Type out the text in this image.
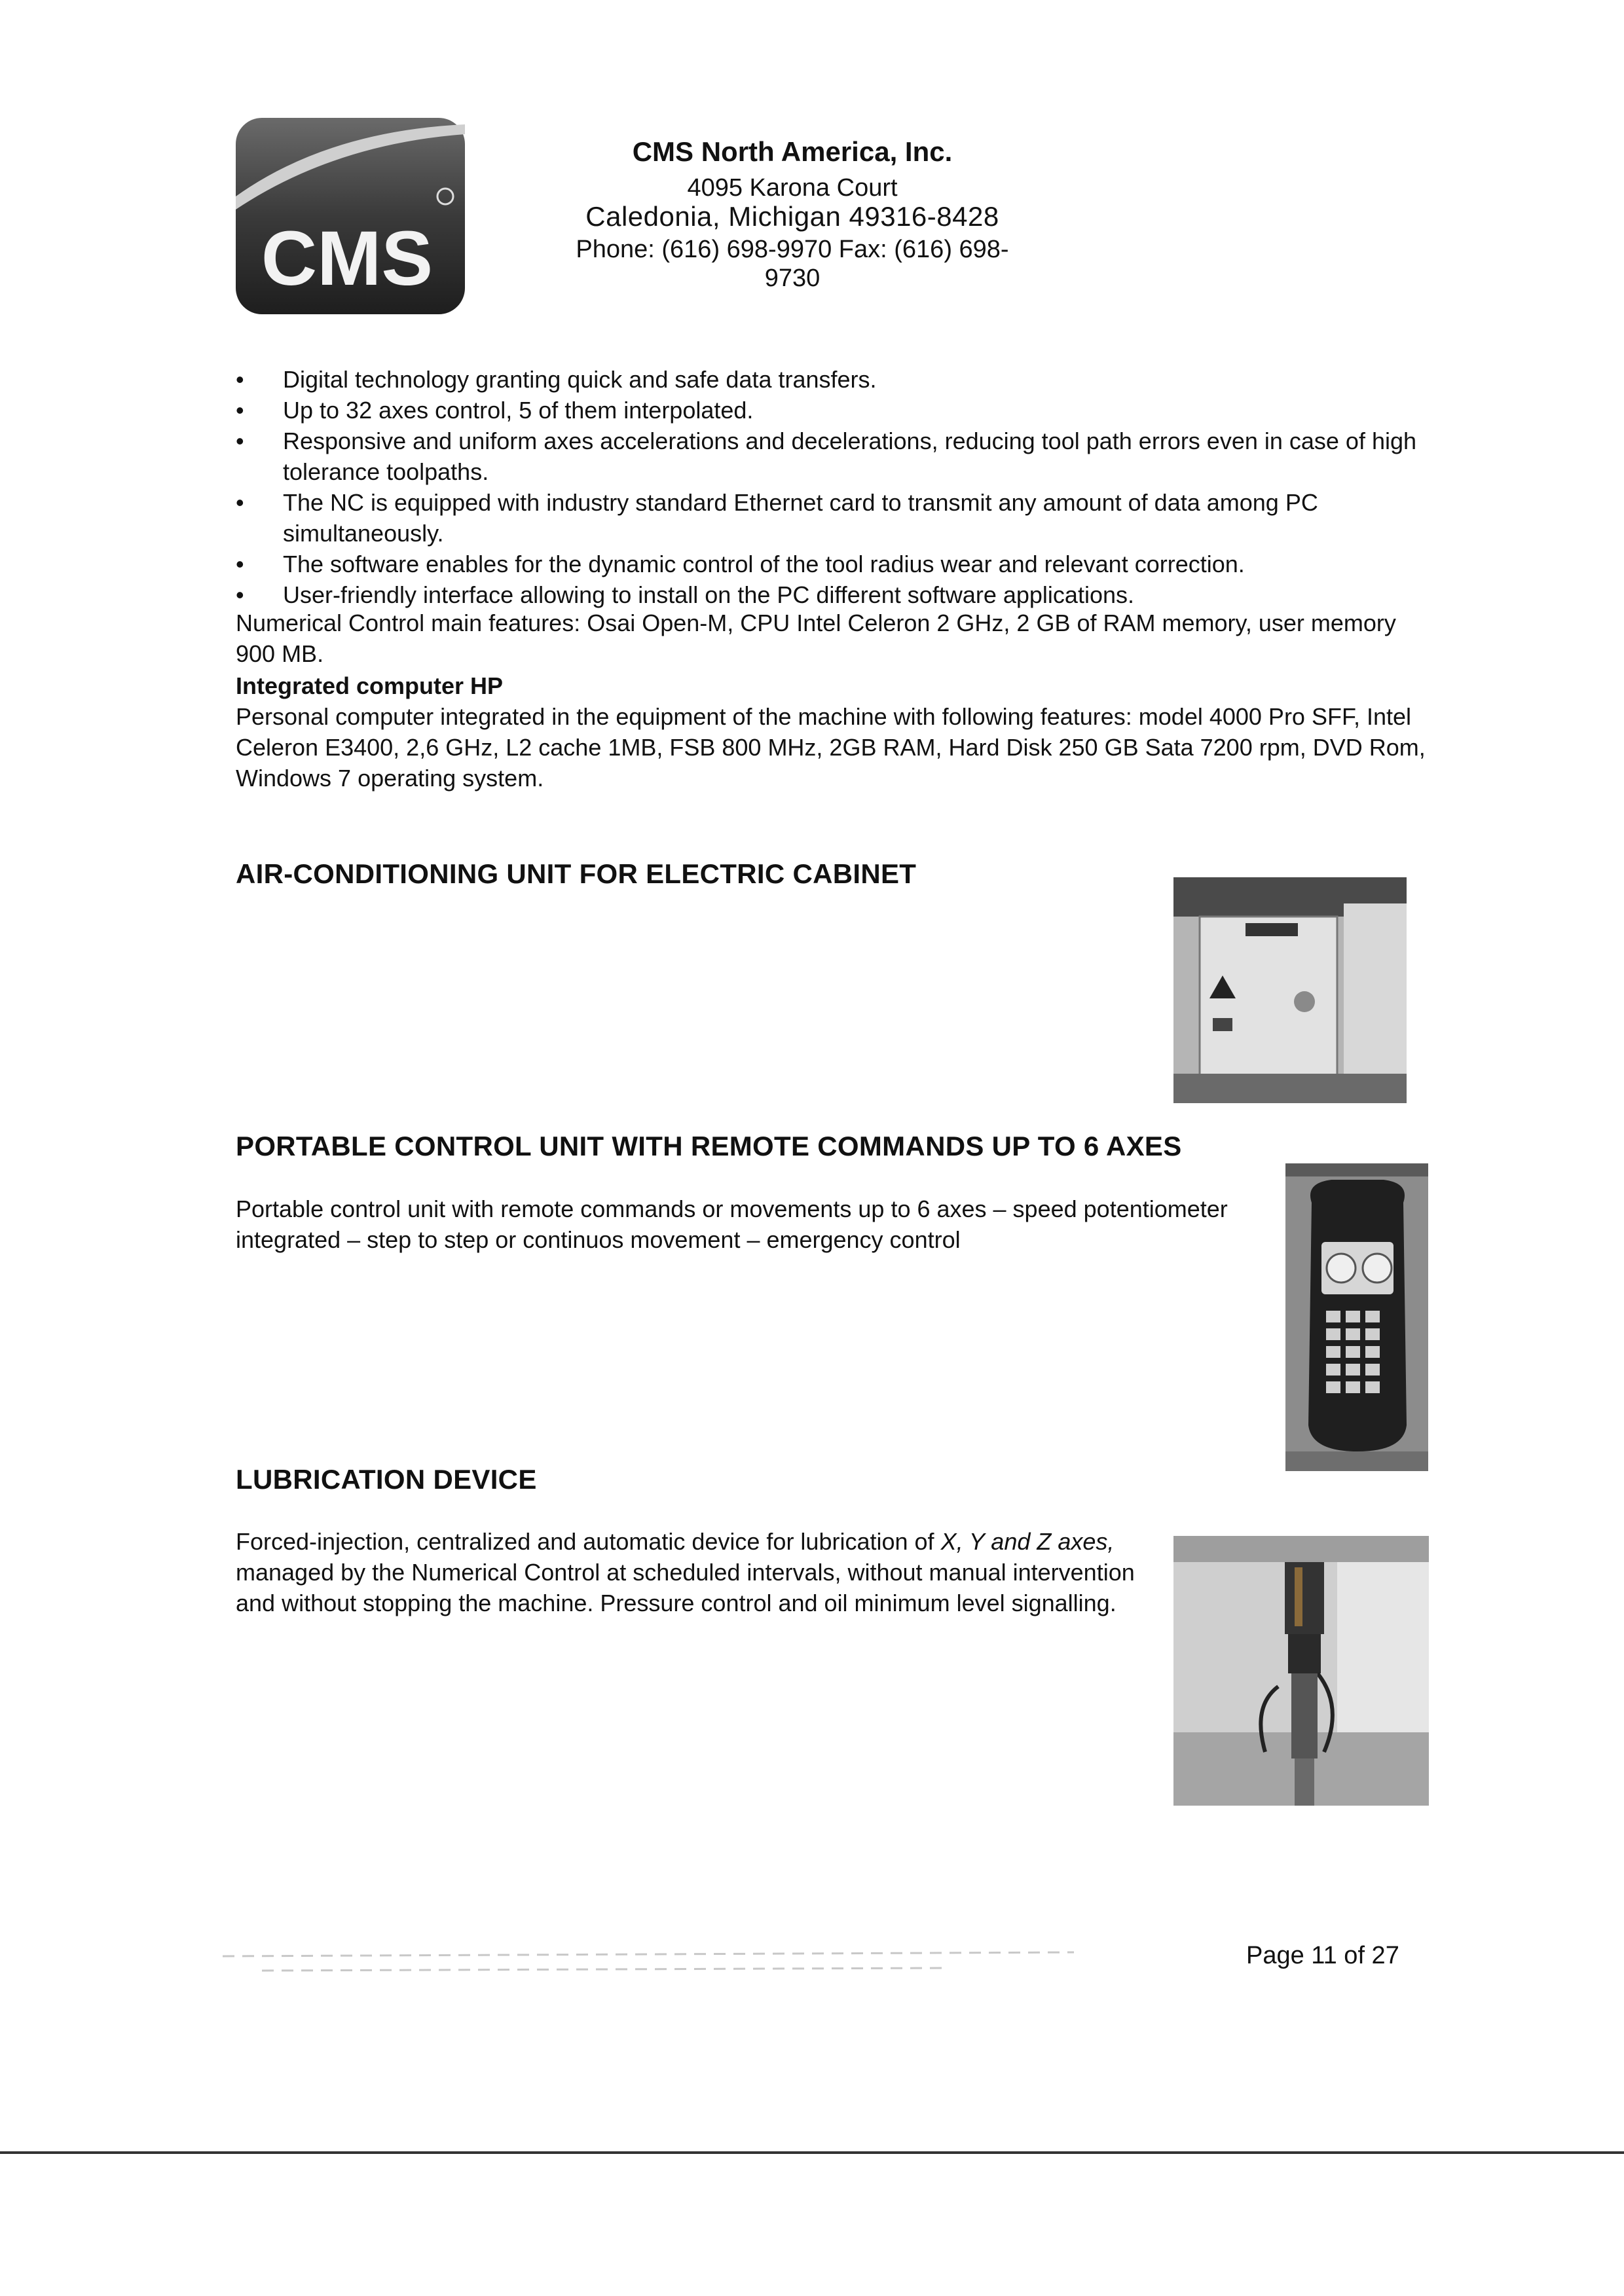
CMS
CMS North America, Inc.
4095 Karona Court
Caledonia, Michigan 49316-8428
Phone: (616) 698-9970 Fax: (616) 698-9730
• Digital technology granting quick and safe data transfers.
• Up to 32 axes control, 5 of them interpolated.
• Responsive and uniform axes accelerations and decelerations, reducing tool path errors even in case of high tolerance toolpaths.
• The NC is equipped with industry standard Ethernet card to transmit any amount of data among PC simultaneously.
• The software enables for the dynamic control of the tool radius wear and relevant correction.
• User-friendly interface allowing to install on the PC different software applications.
Numerical Control main features: Osai Open-M, CPU Intel Celeron 2 GHz, 2 GB of RAM memory, user memory 900 MB.
Integrated computer HP
Personal computer integrated in the equipment of the machine with following features: model 4000 Pro SFF, Intel Celeron E3400, 2,6 GHz, L2 cache 1MB, FSB 800 MHz, 2GB RAM, Hard Disk 250 GB Sata 7200 rpm, DVD Rom, Windows 7 operating system.
AIR-CONDITIONING UNIT FOR ELECTRIC CABINET
PORTABLE CONTROL UNIT WITH REMOTE COMMANDS UP TO 6 AXES
Portable control unit with remote commands or movements up to 6 axes – speed potentiometer integrated – step to step or continuos movement – emergency control
LUBRICATION DEVICE
Forced-injection, centralized and automatic device for lubrication of X, Y and Z axes, managed by the Numerical Control at scheduled intervals, without manual intervention and without stopping the machine. Pressure control and oil minimum level signalling.
Page 11 of 27
